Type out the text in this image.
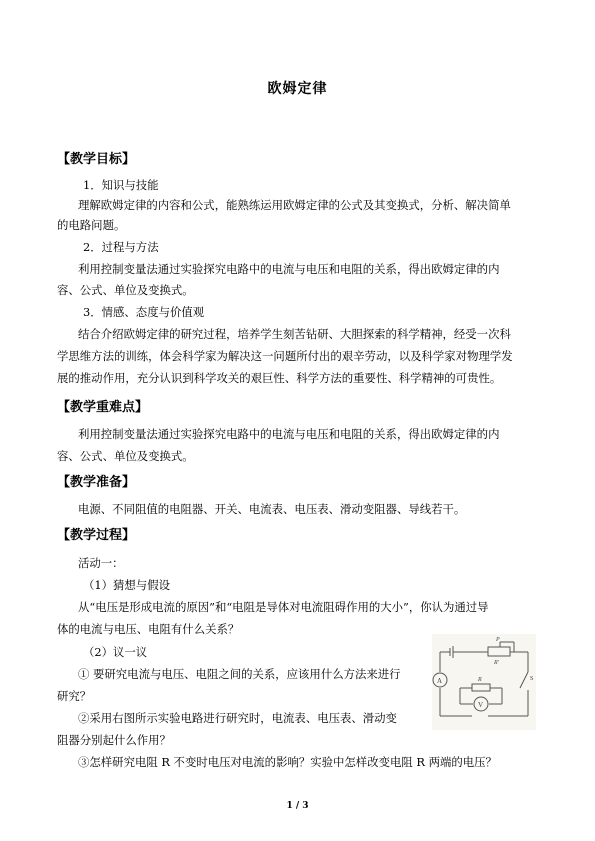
欧姆定律
【教学目标】
1．知识与技能
理解欧姆定律的内容和公式，能熟练运用欧姆定律的公式及其变换式，分析、解决简单
的电路问题。
2．过程与方法
利用控制变量法通过实验探究电路中的电流与电压和电阻的关系，得出欧姆定律的内
容、公式、单位及变换式。
3．情感、态度与价值观
结合介绍欧姆定律的研究过程，培养学生刻苦钻研、大胆探索的科学精神，经受一次科
学思维方法的训练，体会科学家为解决这一问题所付出的艰辛劳动，以及科学家对物理学发
展的推动作用，充分认识到科学攻关的艰巨性、科学方法的重要性、科学精神的可贵性。
【教学重难点】
利用控制变量法通过实验探究电路中的电流与电压和电阻的关系，得出欧姆定律的内
容、公式、单位及变换式。
【教学准备】
电源、不同阻值的电阻器、开关、电流表、电压表、滑动变阻器、导线若干。
【教学过程】
活动一：
（1）猜想与假设
从“电压是形成电流的原因”和“电阻是导体对电流阻碍作用的大小”，你认为通过导
体的电流与电压、电阻有什么关系？
（2）议一议
① 要研究电流与电压、电阻之间的关系，应该用什么方法来进行
研究？
②采用右图所示实验电路进行研究时，电流表、电压表、滑动变
阻器分别起什么作用？
③怎样研究电阻 R 不变时电压对电流的影响？实验中怎样改变电阻 R 两端的电压？
A
V
P
R'
S
R
1 / 3
